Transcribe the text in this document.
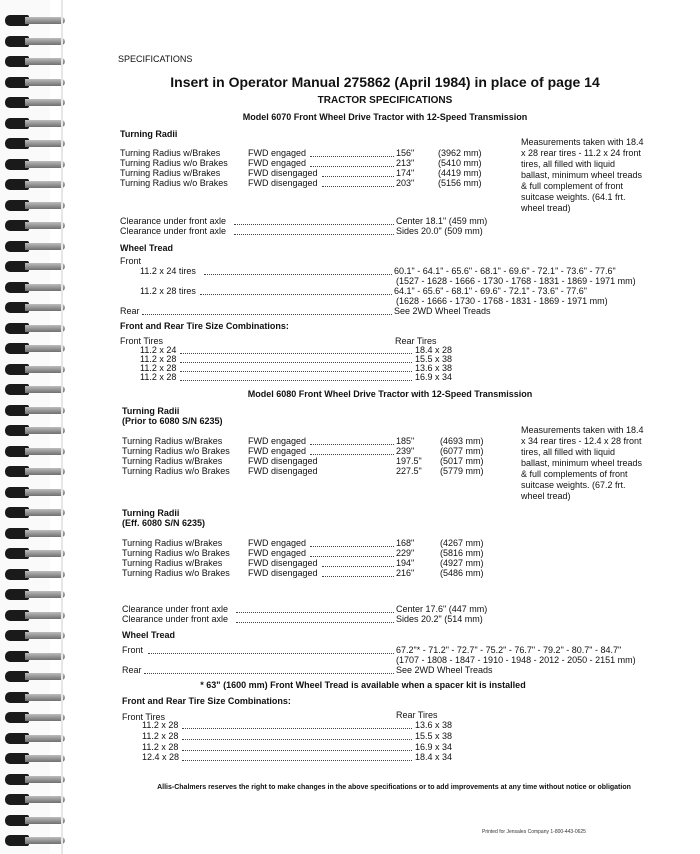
SPECIFICATIONS
Insert in Operator Manual 275862 (April 1984) in place of page 14
TRACTOR SPECIFICATIONS
Model 6070 Front Wheel Drive Tractor with 12-Speed Transmission
Turning Radii
Turning Radius w/Brakes	FWD engaged	156"	(3962 mm)
Turning Radius w/o Brakes FWD engaged	213"	(5410 mm)
Turning Radius w/Brakes	FWD disengaged	174"	(4419 mm)
Turning Radius w/o Brakes FWD disengaged	203"	(5156 mm)
Measurements taken with 18.4 x 28 rear tires - 11.2 x 24 front tires, all filled with liquid ballast, minimum wheel treads & full complement of front suitcase weights. (64.1 frt. wheel tread)
Clearance under front axle	Center 18.1" (459 mm)
Clearance under front axle	Sides 20.0" (509 mm)
Wheel Tread
Front
11.2 x 24 tires	60.1" - 64.1" - 65.6" - 68.1" - 69.6" - 72.1" - 73.6" - 77.6"
(1527 - 1628 - 1666 - 1730 - 1768 - 1831 - 1869 - 1971 mm)
11.2 x 28 tires	64.1" - 65.6" - 68.1" - 69.6" - 72.1" - 73.6" - 77.6"
(1628 - 1666 - 1730 - 1768 - 1831 - 1869 - 1971 mm)
Rear	See 2WD Wheel Treads
Front and Rear Tire Size Combinations:
Front Tires	Rear Tires
11.2 x 24	18.4 x 28
11.2 x 28	15.5 x 38
11.2 x 28	13.6 x 38
11.2 x 28	16.9 x 34
Model 6080 Front Wheel Drive Tractor with 12-Speed Transmission
Turning Radii
(Prior to 6080 S/N 6235)
Turning Radius w/Brakes	FWD engaged	185"	(4693 mm)
Turning Radius w/o Brakes FWD engaged	239"	(6077 mm)
Turning Radius w/Brakes	FWD disengaged	197.5" (5017 mm)
Turning Radius w/o Brakes FWD disengaged	227.5" (5779 mm)
Measurements taken with 18.4 x 34 rear tires - 12.4 x 28 front tires, all filled with liquid ballast, minimum wheel treads & full complements of front suitcase weights. (67.2 frt. wheel tread)
Turning Radii
(Eff. 6080 S/N 6235)
Turning Radius w/Brakes	FWD engaged	168"	(4267 mm)
Turning Radius w/o Brakes FWD engaged	229"	(5816 mm)
Turning Radius w/Brakes	FWD disengaged	194"	(4927 mm)
Turning Radius w/o Brakes FWD disengaged	216"	(5486 mm)
Clearance under front axle	Center 17.6" (447 mm)
Clearance under front axle	Sides 20.2" (514 mm)
Wheel Tread
Front	67.2"* - 71.2" - 72.7" - 75.2" - 76.7" - 79.2" - 80.7" - 84.7"
(1707 - 1808 - 1847 - 1910 - 1948 - 2012 - 2050 - 2151 mm)
Rear	See 2WD Wheel Treads
* 63" (1600 mm) Front Wheel Tread is available when a spacer kit is installed
Front and Rear Tire Size Combinations:
Front Tires	Rear Tires
11.2 x 28	13.6 x 38
11.2 x 28	15.5 x 38
11.2 x 28	16.9 x 34
12.4 x 28	18.4 x 34
Allis-Chalmers reserves the right to make changes in the above specifications or to add improvements at any time without notice or obligation
Printed for Jensales Company 1-800-443-0625
